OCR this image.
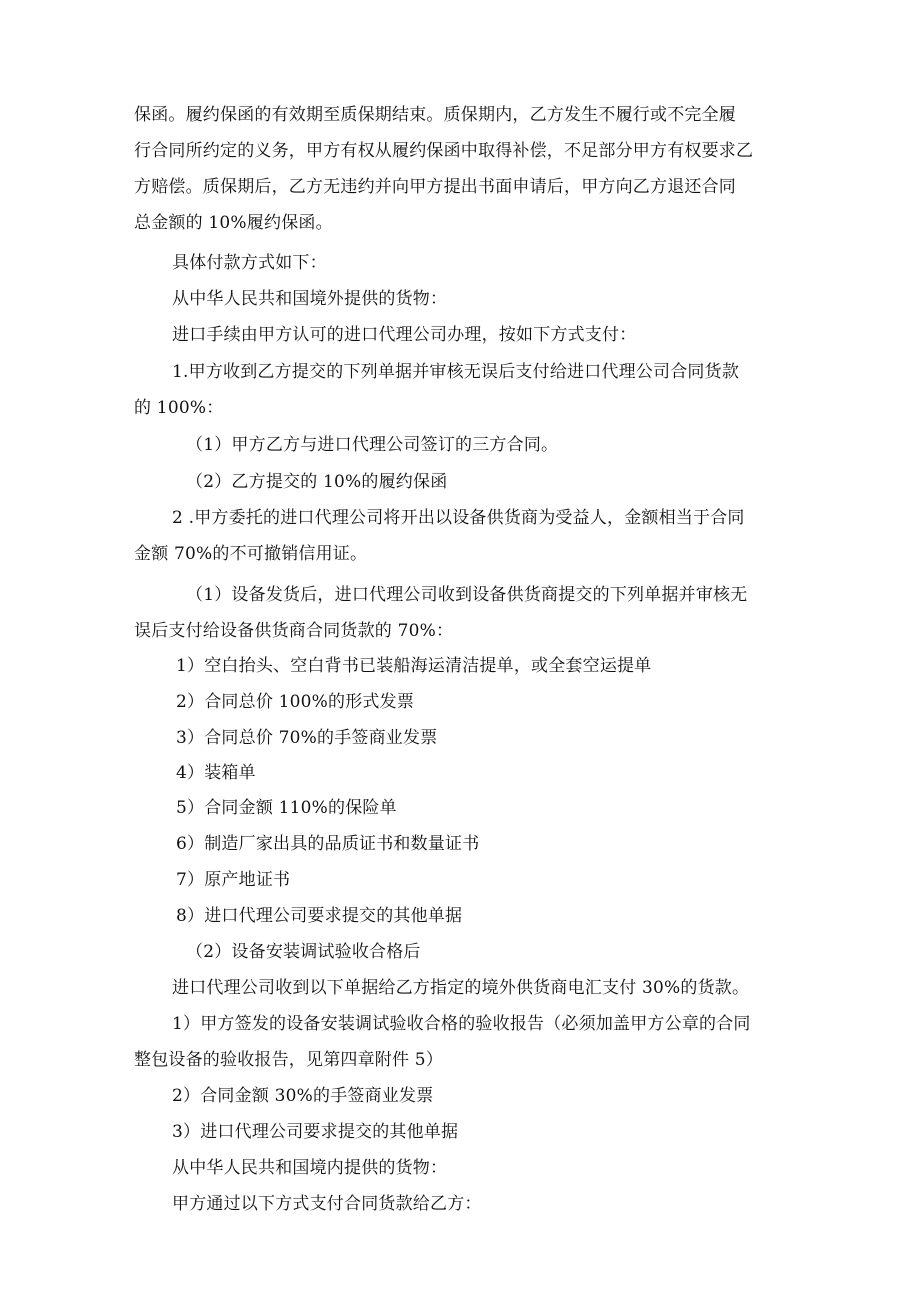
保函。履约保函的有效期至质保期结束。质保期内，乙方发生不履行或不完全履
行合同所约定的义务，甲方有权从履约保函中取得补偿，不足部分甲方有权要求乙
方赔偿。质保期后，乙方无违约并向甲方提出书面申请后，甲方向乙方退还合同
总金额的 10%履约保函。
具体付款方式如下：
从中华人民共和国境外提供的货物：
进口手续由甲方认可的进口代理公司办理，按如下方式支付：
1.甲方收到乙方提交的下列单据并审核无误后支付给进口代理公司合同货款
的 100%：
（1）甲方乙方与进口代理公司签订的三方合同。
（2）乙方提交的 10%的履约保函
2 .甲方委托的进口代理公司将开出以设备供货商为受益人，金额相当于合同
金额 70%的不可撤销信用证。
（1）设备发货后，进口代理公司收到设备供货商提交的下列单据并审核无
误后支付给设备供货商合同货款的 70%：
1）空白抬头、空白背书已装船海运清洁提单，或全套空运提单
2）合同总价 100%的形式发票
3）合同总价 70%的手签商业发票
4）装箱单
5）合同金额 110%的保险单
6）制造厂家出具的品质证书和数量证书
7）原产地证书
8）进口代理公司要求提交的其他单据
（2）设备安装调试验收合格后
进口代理公司收到以下单据给乙方指定的境外供货商电汇支付 30%的货款。
1）甲方签发的设备安装调试验收合格的验收报告（必须加盖甲方公章的合同
整包设备的验收报告，见第四章附件 5）
2）合同金额 30%的手签商业发票
3）进口代理公司要求提交的其他单据
从中华人民共和国境内提供的货物：
甲方通过以下方式支付合同货款给乙方：
